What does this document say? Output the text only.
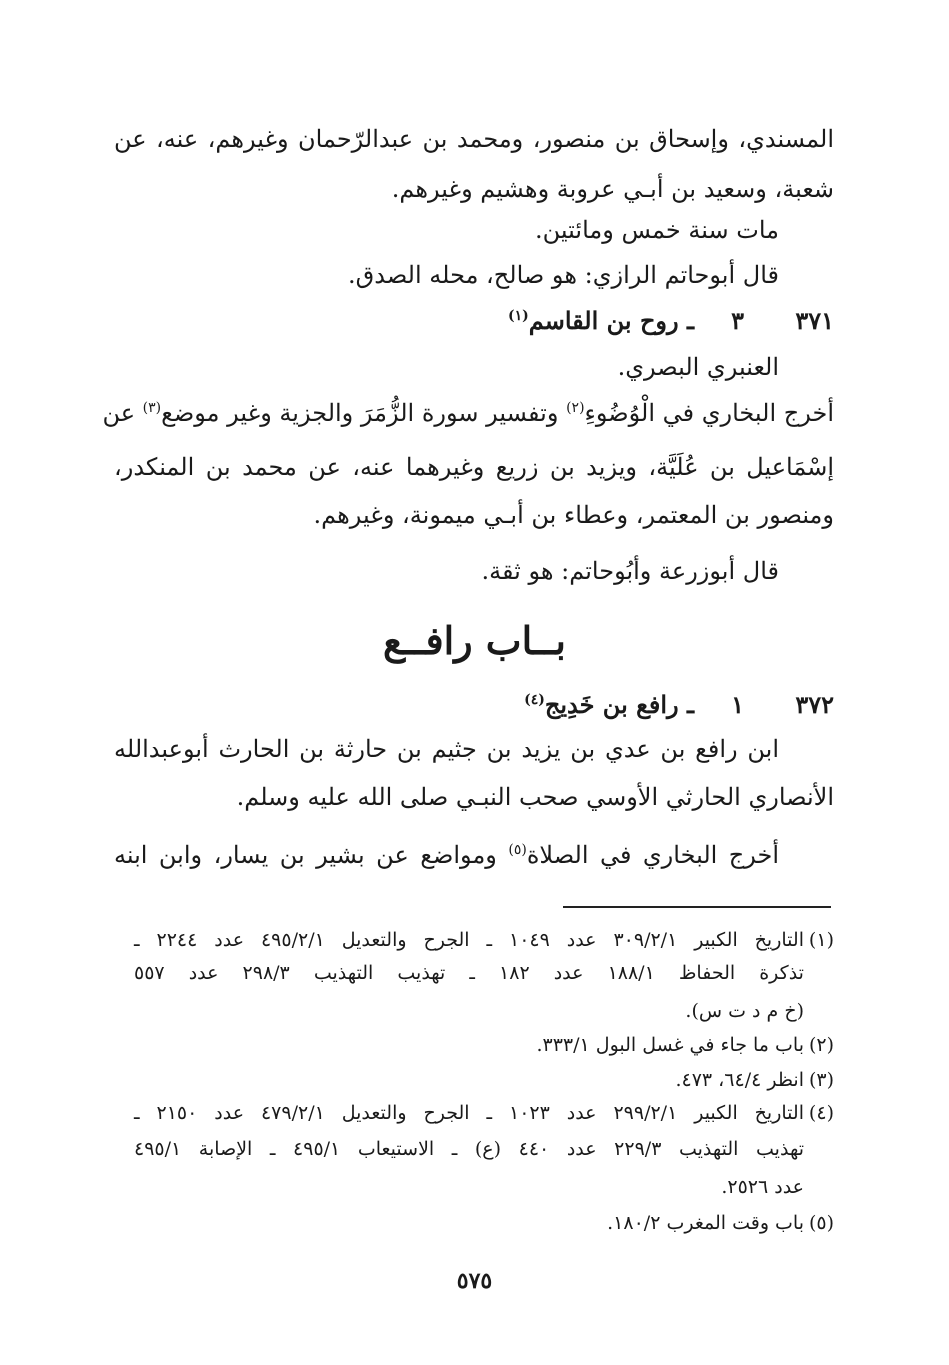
المسندي، وإسحاق بن منصور، ومحمد بن عبدالرّحمان وغيرهم، عنه، عن
شعبة، وسعيد بن أبـي عروبة وهشيم وغيرهم.
مات سنة خمس ومائتين.
قال أبوحاتم الرازي: هو صالح، محله الصدق.
٣٧١٣ـ روح بن القاسم$^{(١)}$
العنبري البصري.
أخرج البخاري في الْوُضُوءِ$^{(٢)}$ وتفسير سورة الزُّمَرَ والجزية وغير موضع$^{(٣)}$ عن
إسْمَاعيل بن عُلَيَّة، ويزيد بن زريع وغيرهما عنه، عن محمد بن المنكدر،
ومنصور بن المعتمر، وعطاء بن أبـي ميمونة، وغيرهم.
قال أبوزرعة وأبُوحاتم: هو ثقة.
بــاب رافــع
٣٧٢١ـ رافع بن خَدِيج$^{(٤)}$
ابن رافع بن عدي بن يزيد بن جثيم بن حارثة بن الحارث أبوعبدالله
الأنصاري الحارثي الأوسي صحب النبـي صلى الله عليه وسلم.
أخرج البخاري في الصلاة$^{(٥)}$ ومواضع عن بشير بن يسار، وابن ابنه
(١)التاريخ الكبير ٣٠٩/٢/١ عدد ١٠٤٩ ـ الجرح والتعديل ٤٩٥/٢/١ عدد ٢٢٤٤ ـ
تذكرة الحفاظ ١٨٨/١ عدد ١٨٢ ـ تهذيب التهذيب ٢٩٨/٣ عدد ٥٥٧
(خ م د ت س).
(٢)باب ما جاء في غسل البول ٣٣٣/١.
(٣)انظر ٦٤/٤، ٤٧٣.
(٤)التاريخ الكبير ٢٩٩/٢/١ عدد ١٠٢٣ ـ الجرح والتعديل ٤٧٩/٢/١ عدد ٢١٥٠ ـ
تهذيب التهذيب ٢٢٩/٣ عدد ٤٤٠ (ع) ـ الاستيعاب ٤٩٥/١ ـ الإصابة ٤٩٥/١
عدد ٢٥٢٦.
(٥)باب وقت المغرب ١٨٠/٢.
٥٧٥
